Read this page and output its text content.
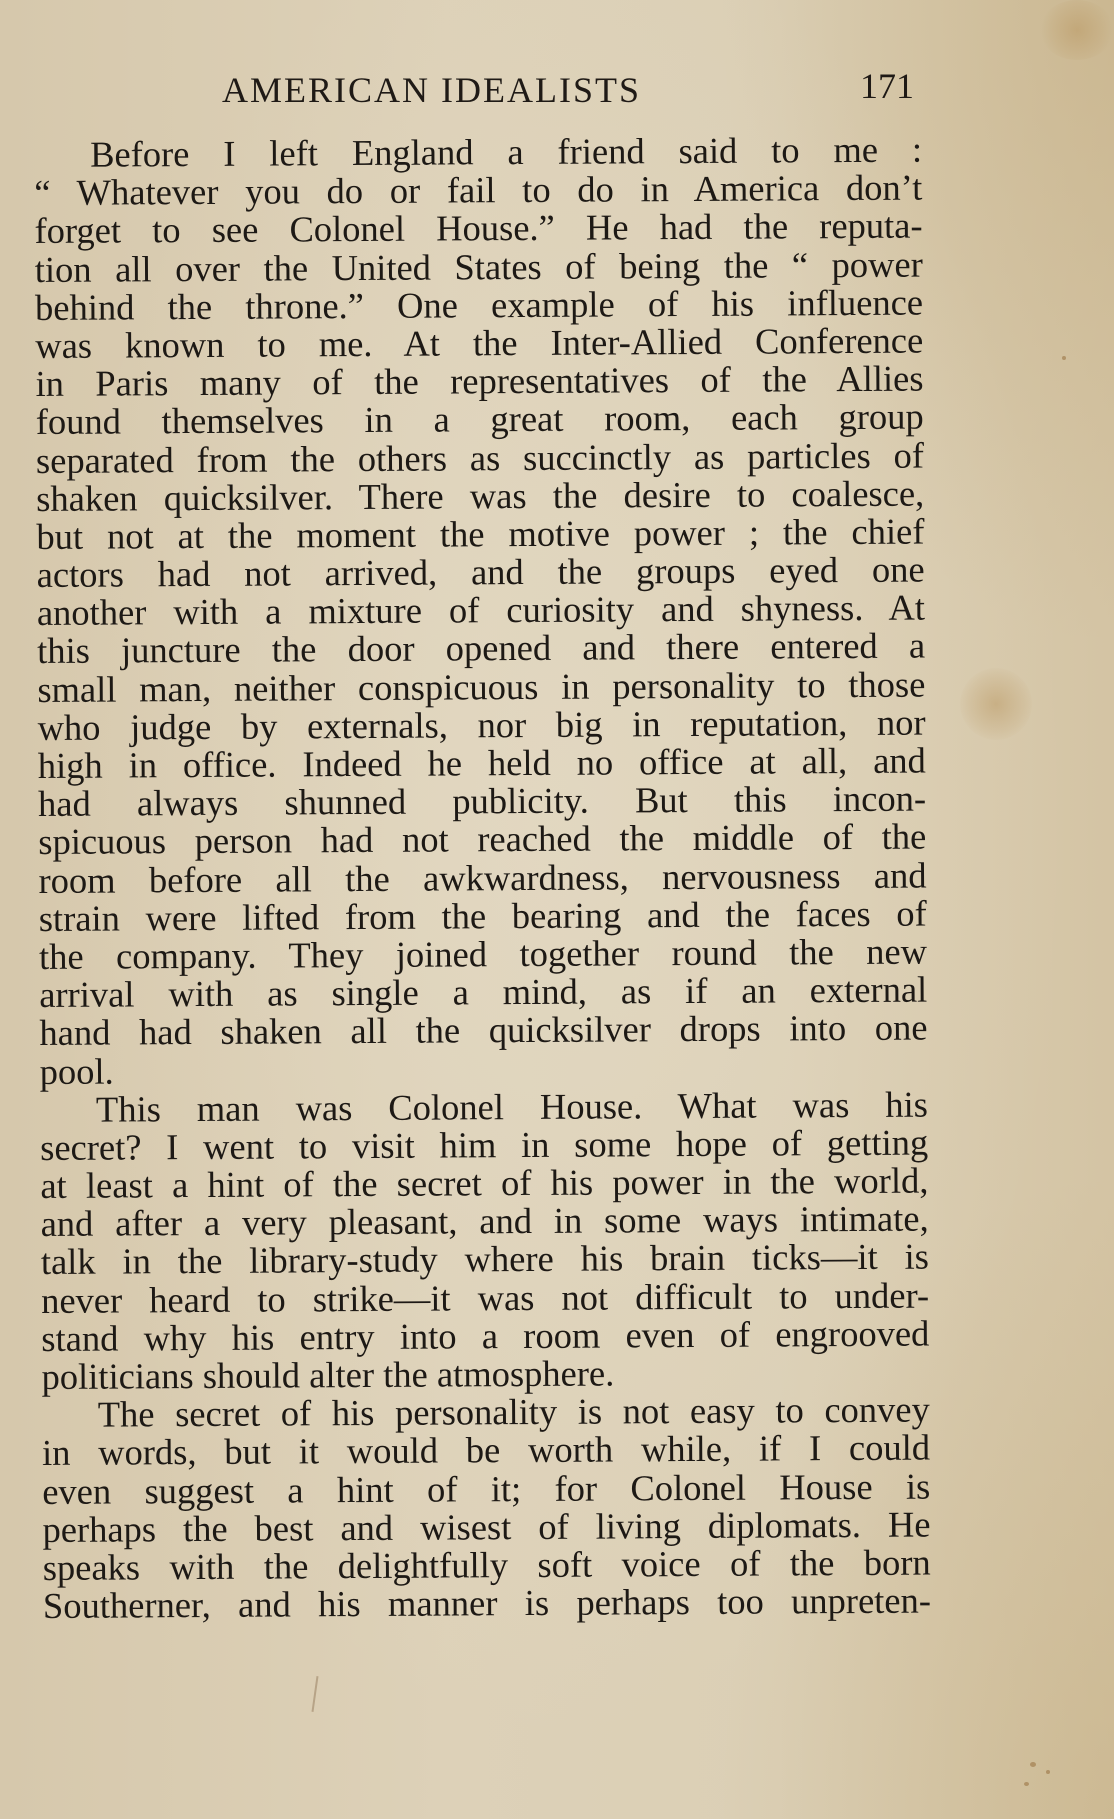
AMERICAN IDEALISTS	171
Before I left England a friend said to me :
“ Whatever you do or fail to do in America don’t
forget to see Colonel House.” He had the reputa-
tion all over the United States of being the “ power
behind the throne.” One example of his influence
was known to me. At the Inter-Allied Conference
in Paris many of the representatives of the Allies
found themselves in a great room, each group
separated from the others as succinctly as particles of
shaken quicksilver. There was the desire to coalesce,
but not at the moment the motive power ; the chief
actors had not arrived, and the groups eyed one
another with a mixture of curiosity and shyness. At
this juncture the door opened and there entered a
small man, neither conspicuous in personality to those
who judge by externals, nor big in reputation, nor
high in office. Indeed he held no office at all, and
had always shunned publicity. But this incon-
spicuous person had not reached the middle of the
room before all the awkwardness, nervousness and
strain were lifted from the bearing and the faces of
the company. They joined together round the new
arrival with as single a mind, as if an external
hand had shaken all the quicksilver drops into one
pool.
This man was Colonel House. What was his
secret? I went to visit him in some hope of getting
at least a hint of the secret of his power in the world,
and after a very pleasant, and in some ways intimate,
talk in the library-study where his brain ticks—it is
never heard to strike—it was not difficult to under-
stand why his entry into a room even of engrooved
politicians should alter the atmosphere.
The secret of his personality is not easy to convey
in words, but it would be worth while, if I could
even suggest a hint of it; for Colonel House is
perhaps the best and wisest of living diplomats. He
speaks with the delightfully soft voice of the born
Southerner, and his manner is perhaps too unpreten-
